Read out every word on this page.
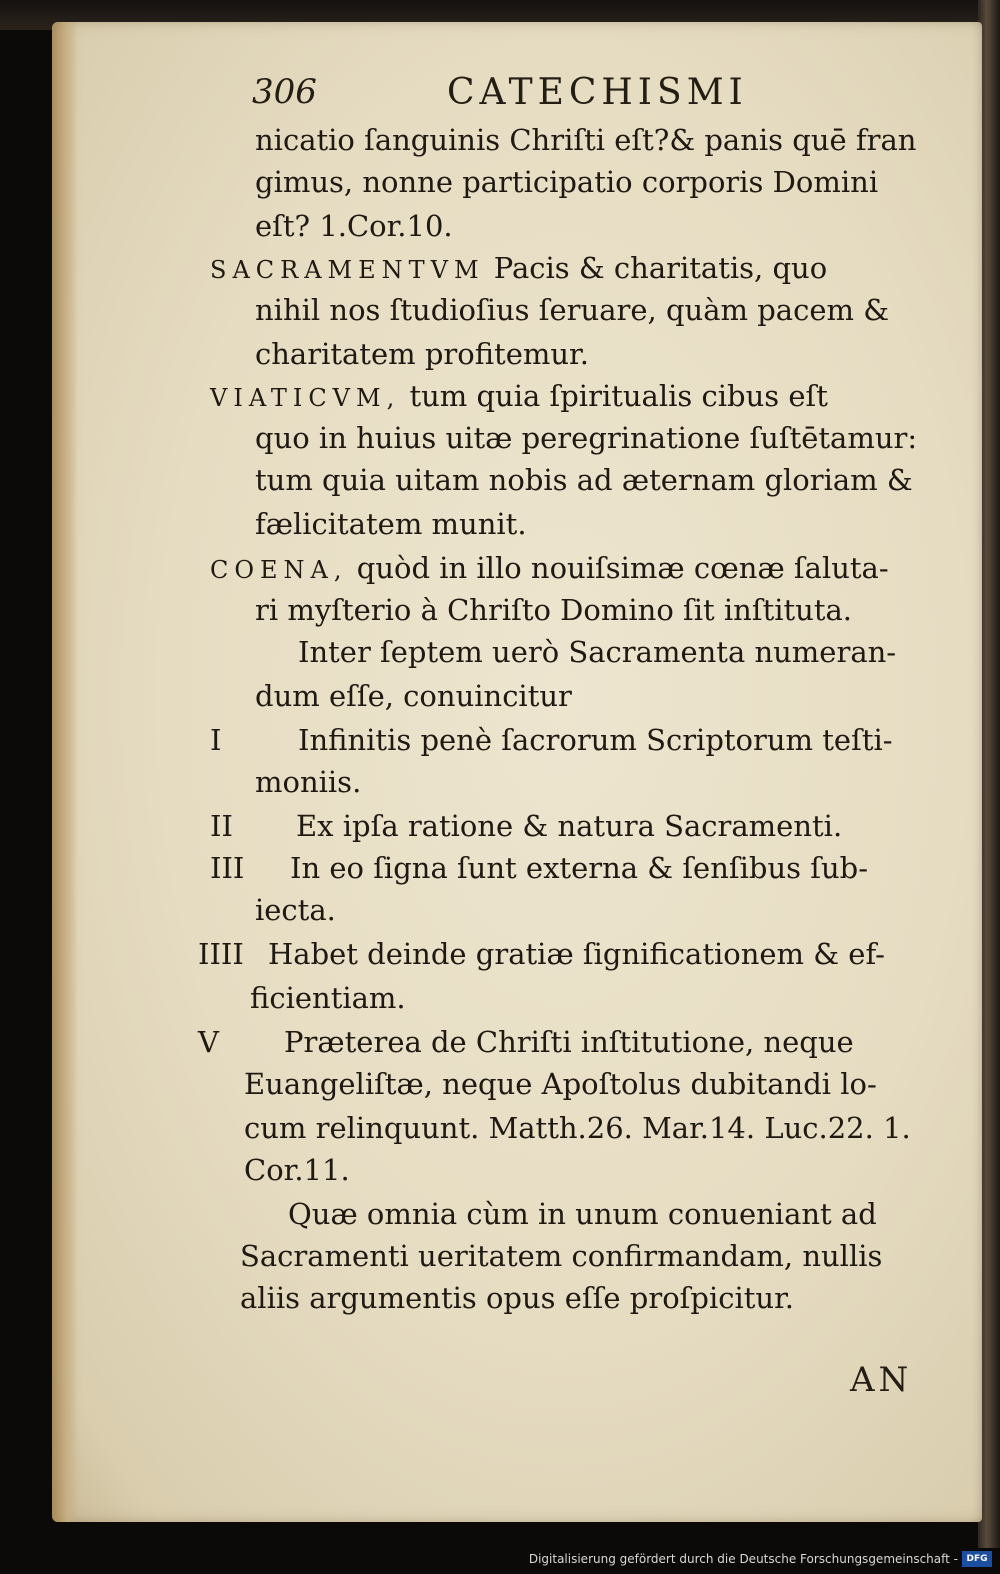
306	CATECHISMI
nicatio ſanguinis Chriſti eſt?& panis quē fran
gimus, nonne participatio corporis Domini
eſt? 1.Cor.10.
SACRAMENTVM Pacis & charitatis, quo
nihil nos ſtudioſius ſeruare, quàm pacem &
charitatem profitemur.
VIATICVM, tum quia ſpiritualis cibus eſt
quo in huius uitæ peregrinatione ſuſtētamur:
tum quia uitam nobis ad æternam gloriam &
fælicitatem munit.
COENA, quòd in illo nouiſsimæ cœnæ ſaluta-
ri myſterio à Chriſto Domino ſit inſtituta.
Inter ſeptem uerò Sacramenta numeran-
dum eſſe, conuincitur
I	Infinitis penè ſacrorum Scriptorum teſti-
moniis.
II Ex ipſa ratione & natura Sacramenti.
III In eo ſigna ſunt externa & ſenſibus ſub-
iecta.
IIII Habet deinde gratiæ ſignificationem & ef-
ficientiam.
V Præterea de Chriſti inſtitutione, neque
Euangeliſtæ, neque Apoſtolus dubitandi lo-
cum relinquunt. Matth.26. Mar.14. Luc.22. 1.
Cor.11.
Quæ omnia cùm in unum conueniant ad
Sacramenti ueritatem confirmandam, nullis
aliis argumentis opus eſſe proſpicitur.
AN
Digitalisierung gefördert durch die Deutsche Forschungsgemeinschaft - DFG
